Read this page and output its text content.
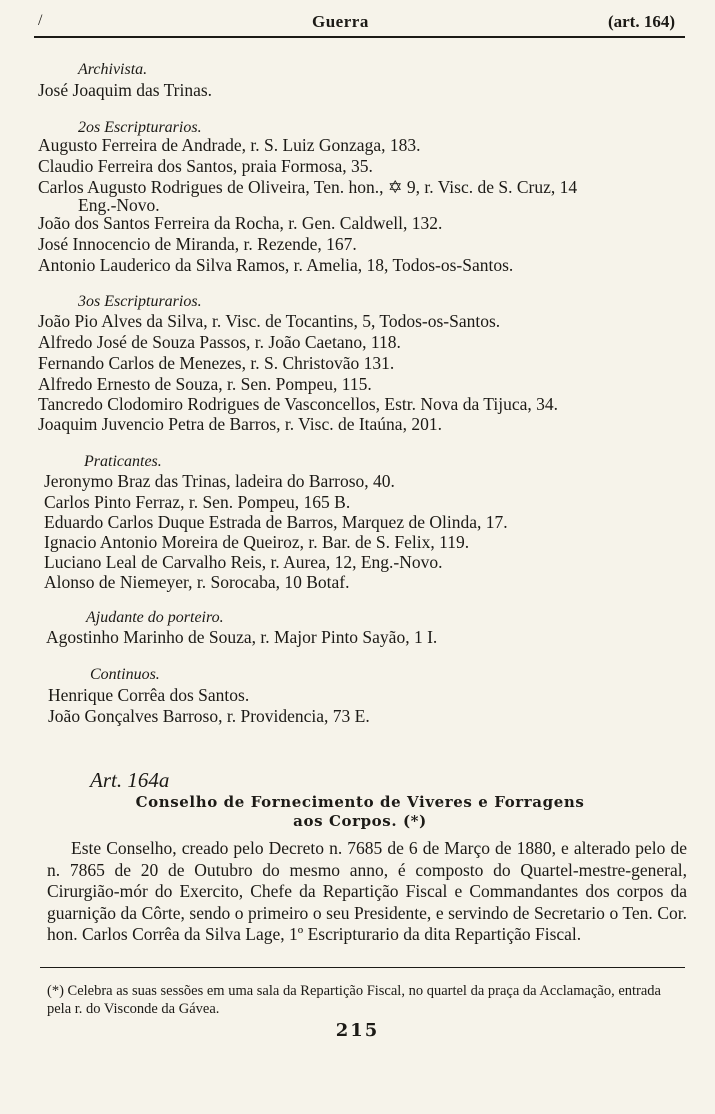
/	Guerra	(art. 164)
Archivista.
José Joaquim das Trinas.
2os Escripturarios.
Augusto Ferreira de Andrade, r. S. Luiz Gonzaga, 183.
Claudio Ferreira dos Santos, praia Formosa, 35.
Carlos Augusto Rodrigues de Oliveira, Ten. hon., ✡ 9, r. Visc. de S. Cruz, 14
Eng.-Novo.
João dos Santos Ferreira da Rocha, r. Gen. Caldwell, 132.
José Innocencio de Miranda, r. Rezende, 167.
Antonio Lauderico da Silva Ramos, r. Amelia, 18, Todos-os-Santos.
3os Escripturarios.
João Pio Alves da Silva, r. Visc. de Tocantins, 5, Todos-os-Santos.
Alfredo José de Souza Passos, r. João Caetano, 118.
Fernando Carlos de Menezes, r. S. Christovão 131.
Alfredo Ernesto de Souza, r. Sen. Pompeu, 115.
Tancredo Clodomiro Rodrigues de Vasconcellos, Estr. Nova da Tijuca, 34.
Joaquim Juvencio Petra de Barros, r. Visc. de Itaúna, 201.
Praticantes.
Jeronymo Braz das Trinas, ladeira do Barroso, 40.
Carlos Pinto Ferraz, r. Sen. Pompeu, 165 B.
Eduardo Carlos Duque Estrada de Barros, Marquez de Olinda, 17.
Ignacio Antonio Moreira de Queiroz, r. Bar. de S. Felix, 119.
Luciano Leal de Carvalho Reis, r. Aurea, 12, Eng.-Novo.
Alonso de Niemeyer, r. Sorocaba, 10 Botaf.
Ajudante do porteiro.
Agostinho Marinho de Souza, r. Major Pinto Sayão, 1 I.
Continuos.
Henrique Corrêa dos Santos.
João Gonçalves Barroso, r. Providencia, 73 E.
Art. 164a
Conselho de Fornecimento de Viveres e Forragens
aos Corpos. (*)
Este Conselho, creado pelo Decreto n. 7685 de 6 de Março de 1880, e alterado pelo de n. 7865 de 20 de Outubro do mesmo anno, é composto do Quartel-mestre-general, Cirurgião-mór do Exercito, Chefe da Repartição Fiscal e Commandantes dos corpos da guarnição da Côrte, sendo o primeiro o seu Presidente, e servindo de Secretario o Ten. Cor. hon. Carlos Corrêa da Silva Lage, 1º Escripturario da dita Repartição Fiscal.
(*) Celebra as suas sessões em uma sala da Repartição Fiscal, no quartel da praça da Acclamação, entrada pela r. do Visconde da Gávea.
215
